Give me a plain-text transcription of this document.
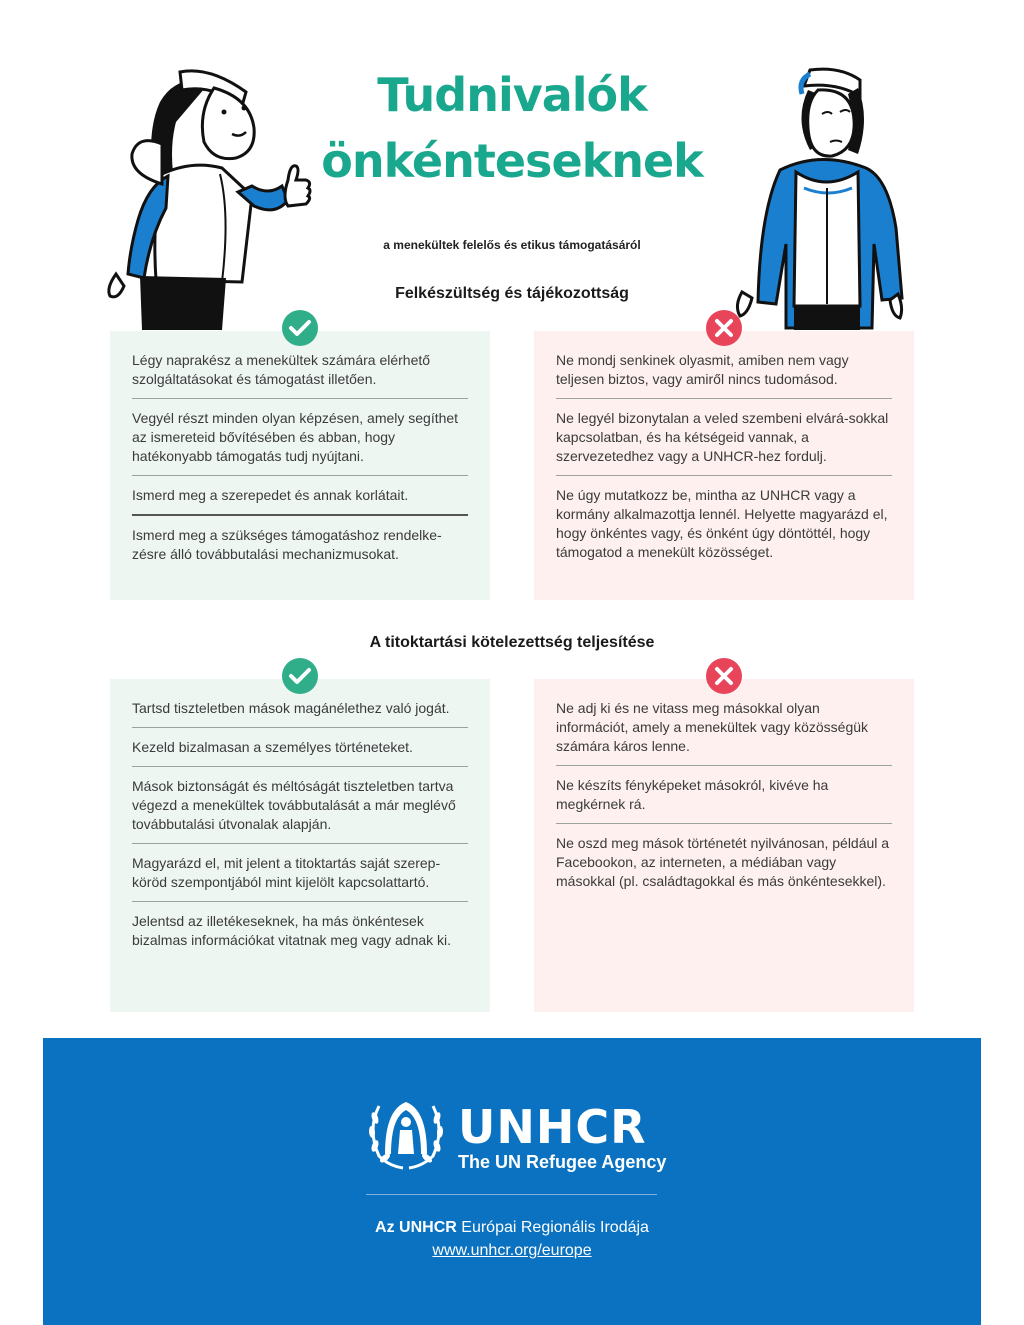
Tudnivalók
önkénteseknek
a menekültek felelős és etikus támogatásáról
Felkészültség és tájékozottság
Légy naprakész a menekültek számára elérhető szolgáltatásokat és támogatást illetően.
Vegyél részt minden olyan képzésen, amely segíthet az ismereteid bővítésében és abban, hogy hatékonyabb támogatás tudj nyújtani.
Ismerd meg a szerepedet és annak korlátait.
Ismerd meg a szükséges támogatáshoz rendelke-zésre álló továbbutalási mechanizmusokat.
Ne mondj senkinek olyasmit, amiben nem vagy teljesen biztos, vagy amiről nincs tudomásod.
Ne legyél bizonytalan a veled szembeni elvárá-sokkal kapcsolatban, és ha kétségeid vannak, a szervezetedhez vagy a UNHCR-hez fordulj.
Ne úgy mutatkozz be, mintha az UNHCR vagy a kormány alkalmazottja lennél. Helyette magyarázd el, hogy önkéntes vagy, és önként úgy döntöttél, hogy támogatod a menekült közösséget.
A titoktartási kötelezettség teljesítése
Tartsd tiszteletben mások magánélethez való jogát.
Kezeld bizalmasan a személyes történeteket.
Mások biztonságát és méltóságát tiszteletben tartva végezd a menekültek továbbutalását a már meglévő továbbutalási útvonalak alapján.
Magyarázd el, mit jelent a titoktartás saját szerep-köröd szempontjából mint kijelölt kapcsolattartó.
Jelentsd az illetékeseknek, ha más önkéntesek bizalmas információkat vitatnak meg vagy adnak ki.
Ne adj ki és ne vitass meg másokkal olyan információt, amely a menekültek vagy közösségük számára káros lenne.
Ne készíts fényképeket másokról, kivéve ha megkérnek rá.
Ne oszd meg mások történetét nyilvánosan, például a Facebookon, az interneten, a médiában vagy másokkal (pl. családtagokkal és más önkéntesekkel).
UNHCR
The UN Refugee Agency
Az UNHCR Európai Regionális Irodája
www.unhcr.org/europe
